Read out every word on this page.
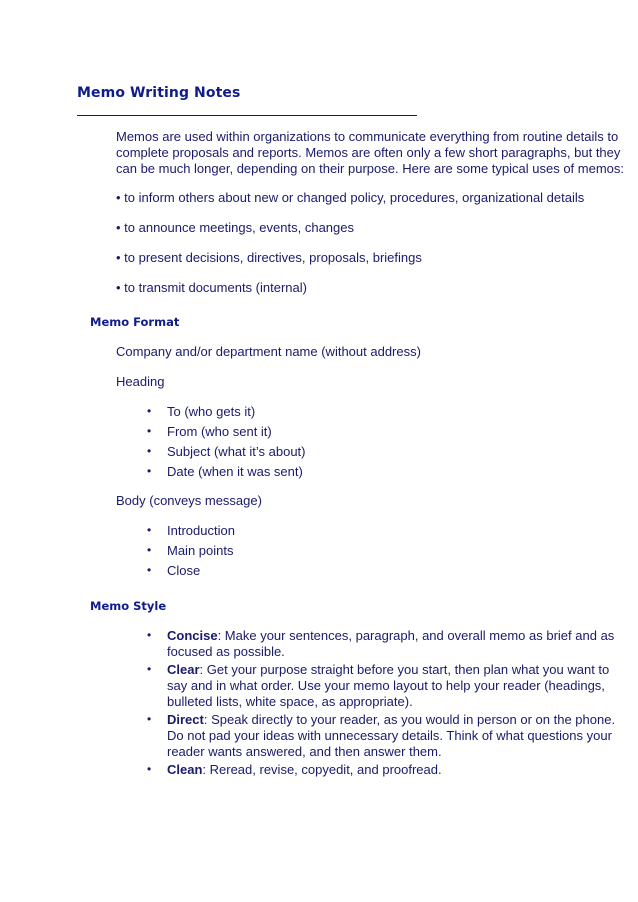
Memo Writing Notes

Memos are used within organizations to communicate everything from routine details to complete proposals and reports. Memos are often only a few short paragraphs, but they can be much longer, depending on their purpose. Here are some typical uses of memos:

• to inform others about new or changed policy, procedures, organizational details
• to announce meetings, events, changes
• to present decisions, directives, proposals, briefings
• to transmit documents (internal)
Memo Format
Company and/or department name (without address)
Heading
• To (who gets it)
• From (who sent it)
• Subject (what it’s about)
• Date (when it was sent)
Body (conveys message)
• Introduction
• Main points
• Close
Memo Style
• Concise: Make your sentences, paragraph, and overall memo as brief and as focused as possible.
• Clear: Get your purpose straight before you start, then plan what you want to say and in what order. Use your memo layout to help your reader (headings, bulleted lists, white space, as appropriate).
• Direct: Speak directly to your reader, as you would in person or on the phone. Do not pad your ideas with unnecessary details. Think of what questions your reader wants answered, and then answer them.
• Clean: Reread, revise, copyedit, and proofread.
